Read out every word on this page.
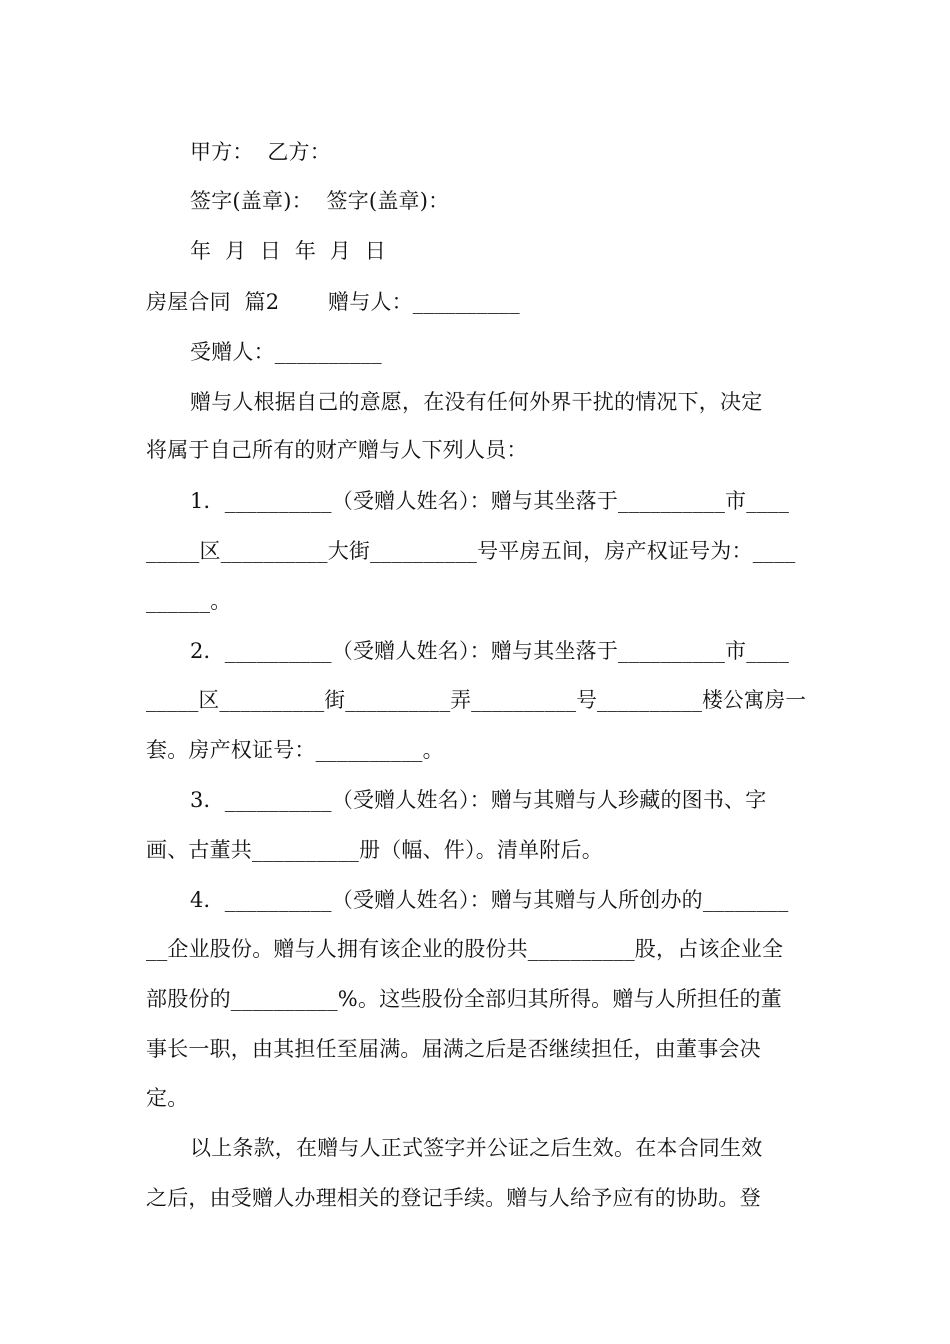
甲方：  乙方：
签字(盖章)：  签字(盖章)：
年  月  日  年  月  日
房屋合同  篇2 赠与人：__________
受赠人：__________
赠与人根据自己的意愿，在没有任何外界干扰的情况下，决定
将属于自己所有的财产赠与人下列人员：
1．__________（受赠人姓名）：赠与其坐落于__________市____
_____区__________大街__________号平房五间，房产权证号为：____
______。
2．__________（受赠人姓名）：赠与其坐落于__________市____
_____区__________街__________弄__________号__________楼公寓房一
套。房产权证号：__________。
3．__________（受赠人姓名）：赠与其赠与人珍藏的图书、字
画、古董共__________册（幅、件）。清单附后。
4．__________（受赠人姓名）：赠与其赠与人所创办的________
__企业股份。赠与人拥有该企业的股份共__________股，占该企业全
部股份的__________%。这些股份全部归其所得。赠与人所担任的董
事长一职，由其担任至届满。届满之后是否继续担任，由董事会决
定。
以上条款，在赠与人正式签字并公证之后生效。在本合同生效
之后，由受赠人办理相关的登记手续。赠与人给予应有的协助。登
